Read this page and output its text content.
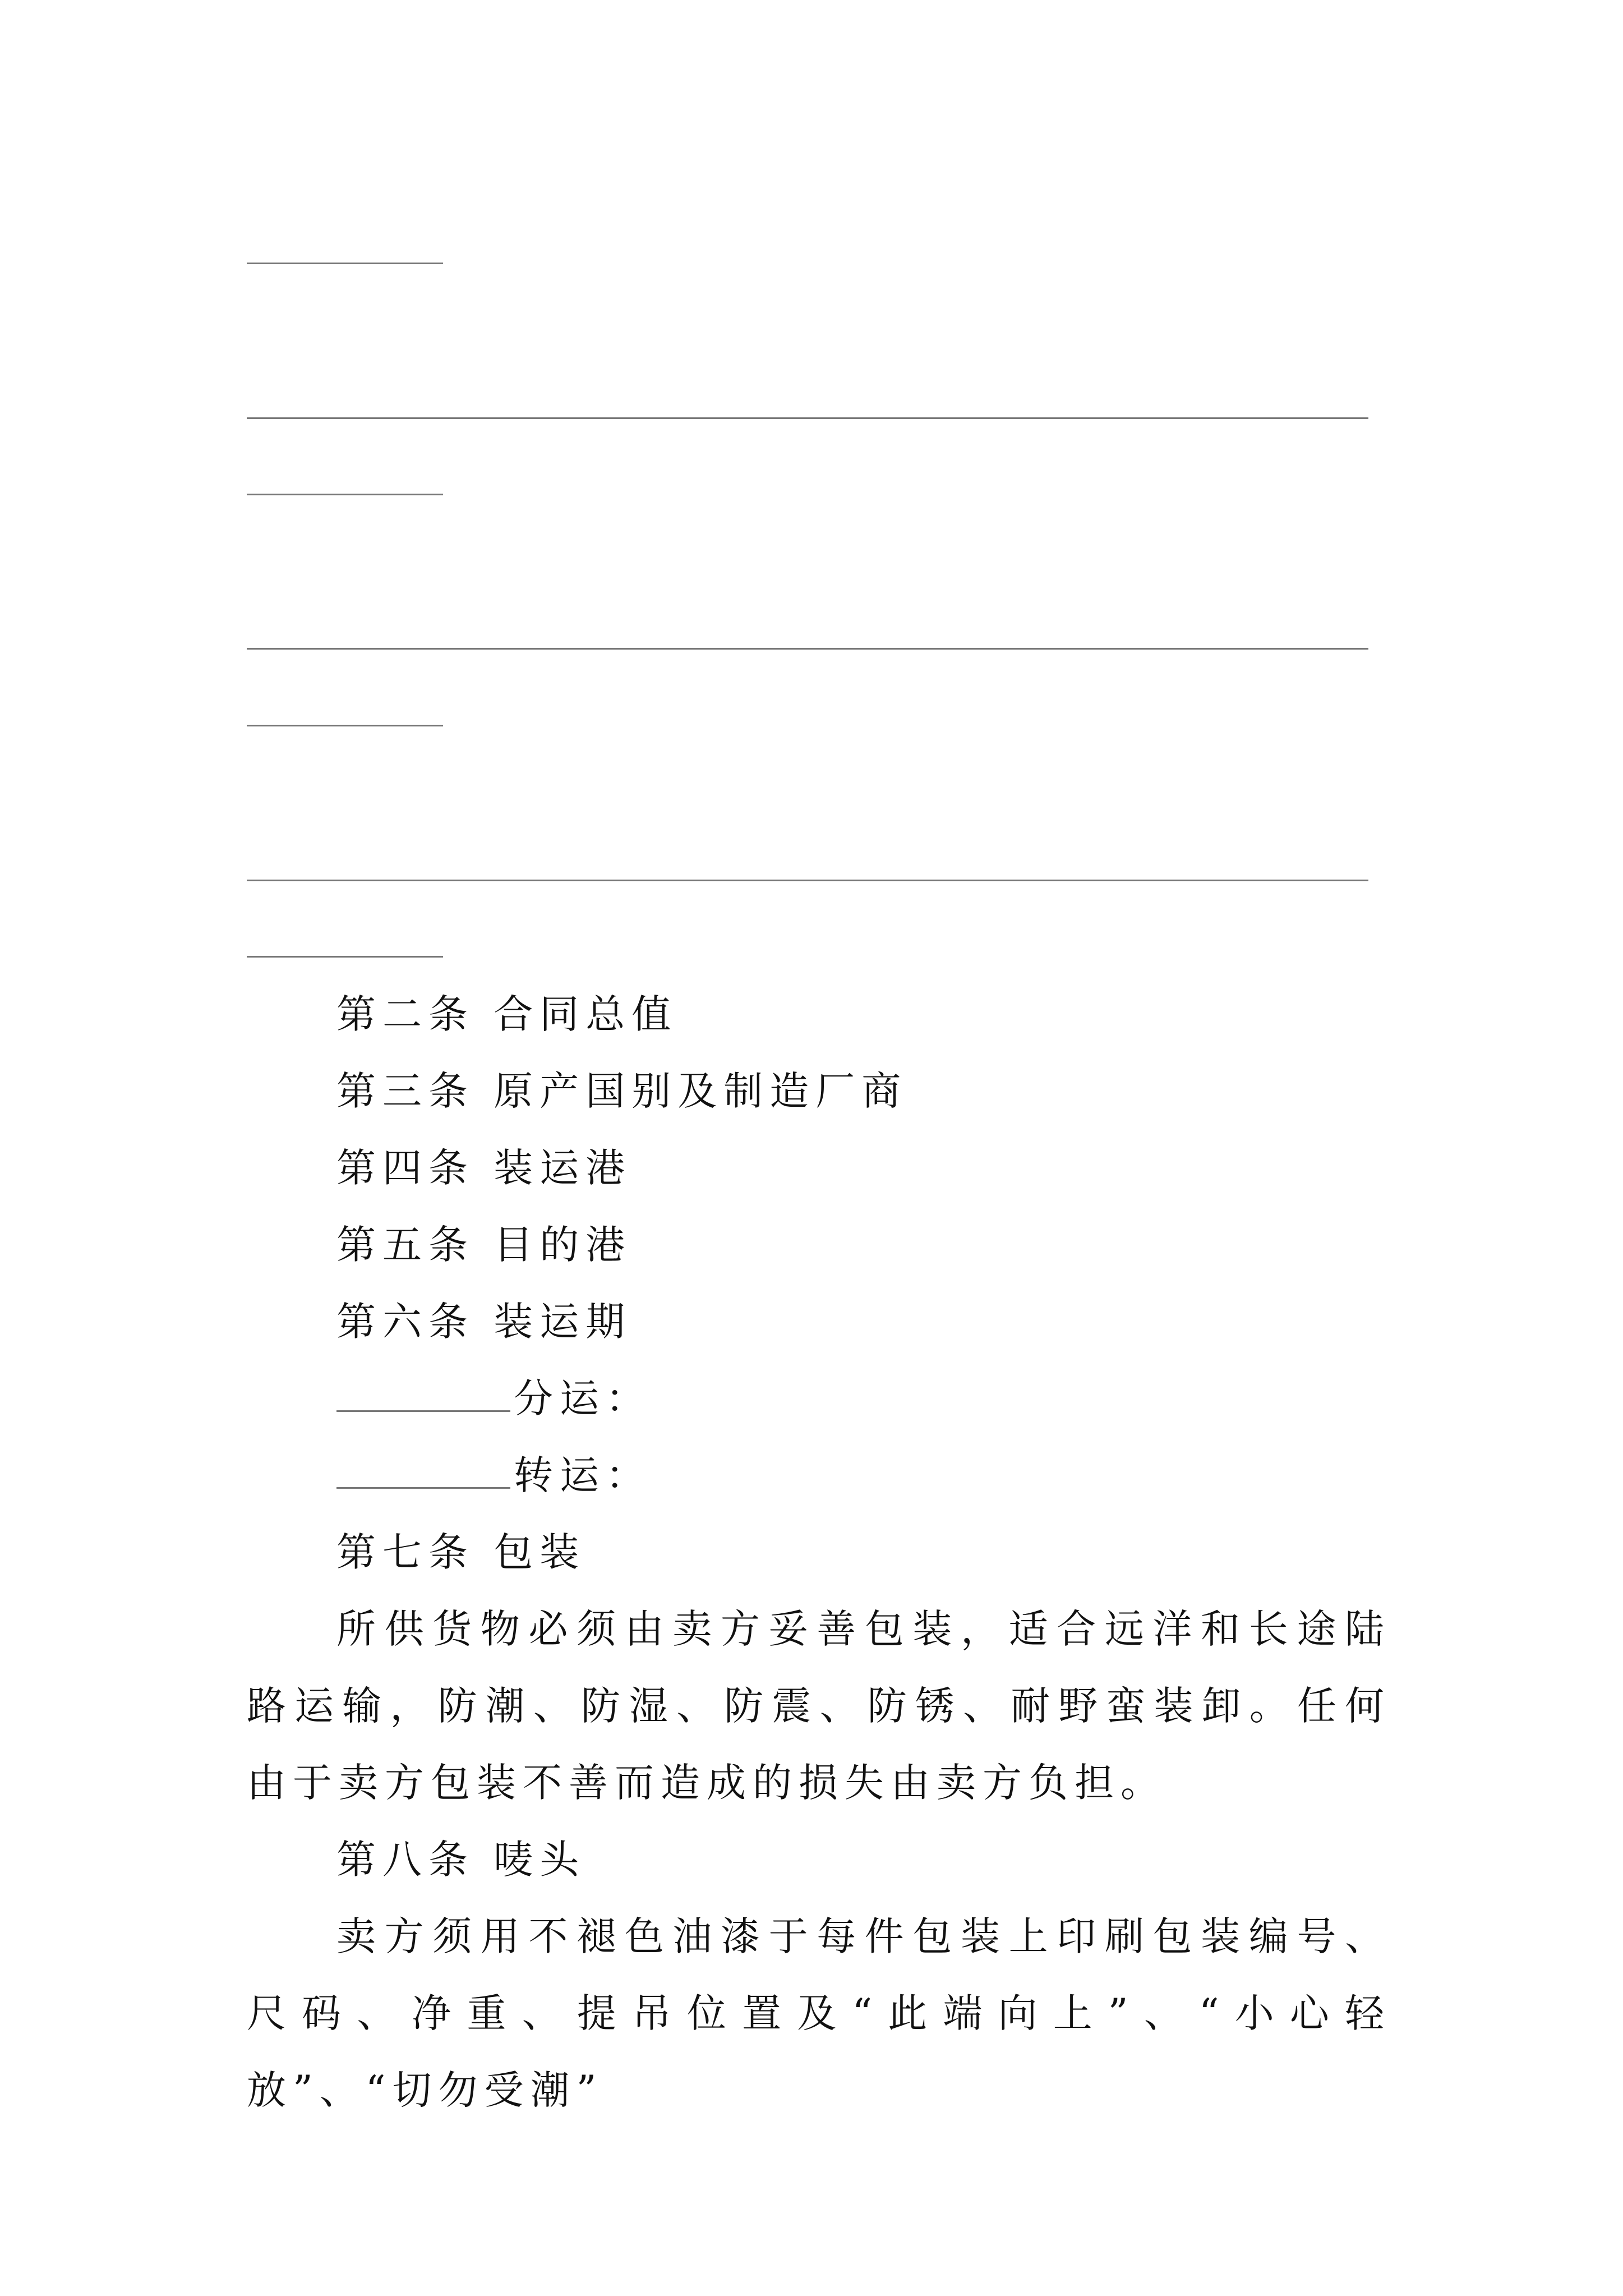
第二条 合同总值
第三条 原产国别及制造厂商
第四条 装运港
第五条 目的港
第六条 装运期
分运：
转运：
第七条 包装
所供货物必须由卖方妥善包装，适合远洋和长途陆路运输，防潮、防湿、防震、防锈、耐野蛮装卸。任何由于卖方包装不善而造成的损失由卖方负担。
第八条 唛头
卖方须用不褪色油漆于每件包装上印刷包装编号、尺码、净重、提吊位置及“此端向上”、“小心轻放”、“切勿受潮”
